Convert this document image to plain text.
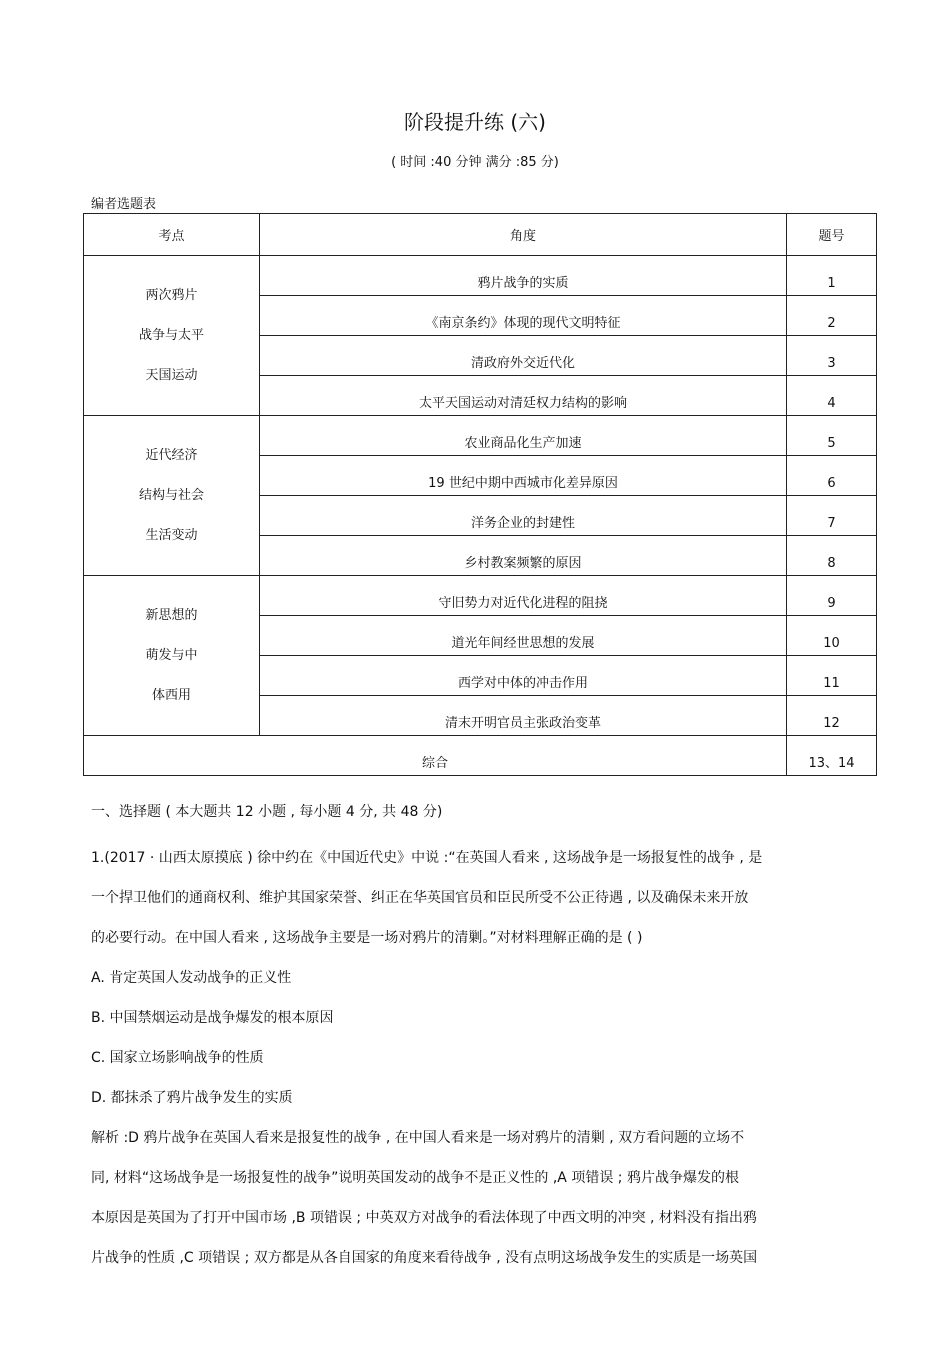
阶段提升练 (六)
( 时间 :40 分钟 满分 :85 分)
编者选题表
考点	角度	题号

两次鸦片
战争与太平
天国运动	鸦片战争的实质	1
	《南京条约》体现的现代文明特征	2
	清政府外交近代化	3
	太平天国运动对清廷权力结构的影响	4

近代经济
结构与社会
生活变动	农业商品化生产加速	5
	19 世纪中期中西城市化差异原因	6
	洋务企业的封建性	7
	乡村教案频繁的原因	8

新思想的
萌发与中
体西用	守旧势力对近代化进程的阻挠	9
	道光年间经世思想的发展	10
	西学对中体的冲击作用	11
	清末开明官员主张政治变革	12
综合		13、14

一、选择题 ( 本大题共 12 小题 , 每小题 4 分, 共 48 分)

1.(2017 · 山西太原摸底 ) 徐中约在《中国近代史》中说 :“在英国人看来 , 这场战争是一场报复性的战争 , 是

一个捍卫他们的通商权利、维护其国家荣誉、纠正在华英国官员和臣民所受不公正待遇 , 以及确保未来开放

的必要行动。在中国人看来 , 这场战争主要是一场对鸦片的清剿。”对材料理解正确的是 ( )

A. 肯定英国人发动战争的正义性

B. 中国禁烟运动是战争爆发的根本原因

C. 国家立场影响战争的性质

D. 都抹杀了鸦片战争发生的实质

解析 :D 鸦片战争在英国人看来是报复性的战争 , 在中国人看来是一场对鸦片的清剿 , 双方看问题的立场不

同, 材料“这场战争是一场报复性的战争”说明英国发动的战争不是正义性的 ,A 项错误 ; 鸦片战争爆发的根

本原因是英国为了打开中国市场 ,B 项错误 ; 中英双方对战争的看法体现了中西文明的冲突 , 材料没有指出鸦

片战争的性质 ,C 项错误 ; 双方都是从各自国家的角度来看待战争 , 没有点明这场战争发生的实质是一场英国
